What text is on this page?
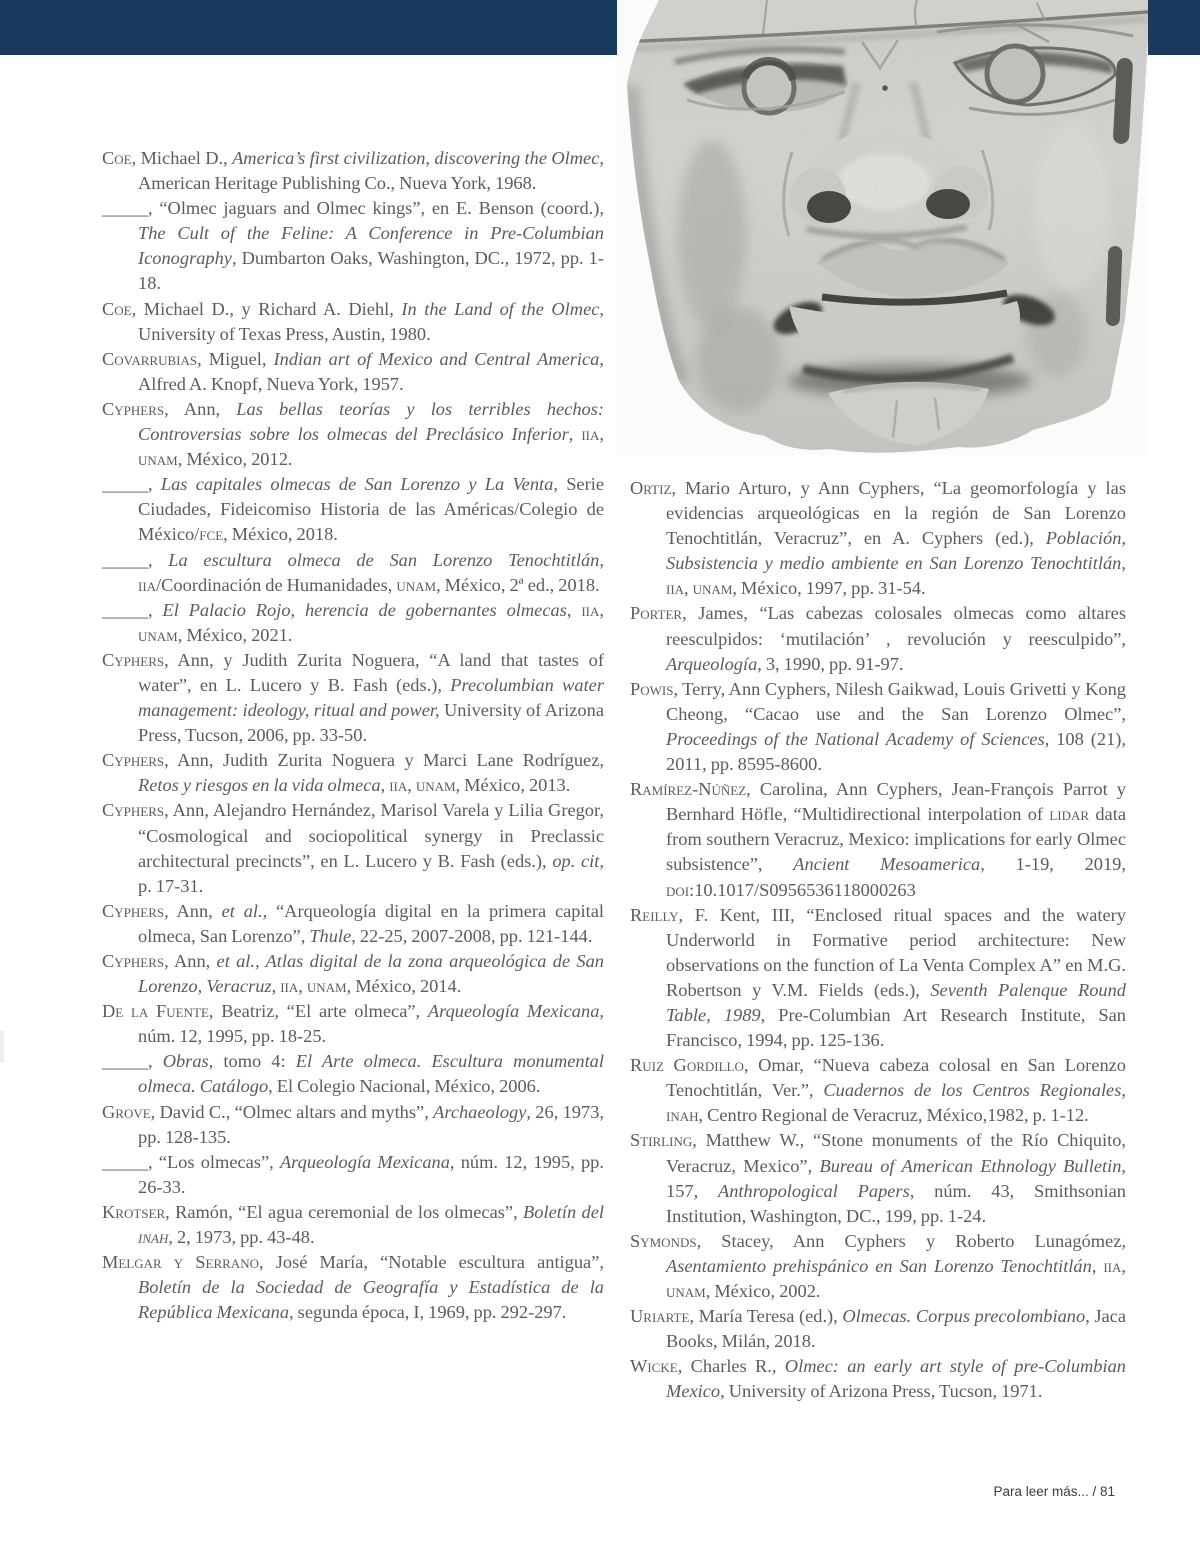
Coe, Michael D., America’s first civilization, discovering the Olmec, American Heritage Publishing Co., Nueva York, 1968.

_____, “Olmec jaguars and Olmec kings”, en E. Benson (coord.), The Cult of the Feline: A Conference in Pre-Columbian Iconography, Dumbarton Oaks, Washington, DC., 1972, pp. 1-18.

Coe, Michael D., y Richard A. Diehl, In the Land of the Olmec, University of Texas Press, Austin, 1980.

Covarrubias, Miguel, Indian art of Mexico and Central America, Alfred A. Knopf, Nueva York, 1957.

Cyphers, Ann, Las bellas teorías y los terribles hechos: Controversias sobre los olmecas del Preclásico Inferior, iia, unam, México, 2012.

_____, Las capitales olmecas de San Lorenzo y La Venta, Serie Ciudades, Fideicomiso Historia de las Américas/Colegio de México/fce, México, 2018.

_____, La escultura olmeca de San Lorenzo Tenochtitlán, iia/Coordinación de Humanidades, unam, México, 2ª ed., 2018.

_____, El Palacio Rojo, herencia de gobernantes olmecas, iia, unam, México, 2021.

Cyphers, Ann, y Judith Zurita Noguera, “A land that tastes of water”, en L. Lucero y B. Fash (eds.), Precolumbian water management: ideology, ritual and power, University of Arizona Press, Tucson, 2006, pp. 33-50.

Cyphers, Ann, Judith Zurita Noguera y Marci Lane Rodríguez, Retos y riesgos en la vida olmeca, iia, unam, México, 2013.

Cyphers, Ann, Alejandro Hernández, Marisol Varela y Lilia Gregor, “Cosmological and sociopolitical synergy in Preclassic architectural precincts”, en L. Lucero y B. Fash (eds.), op. cit, p. 17-31.

Cyphers, Ann, et al., “Arqueología digital en la primera capital olmeca, San Lorenzo”, Thule, 22-25, 2007-2008, pp. 121-144.

Cyphers, Ann, et al., Atlas digital de la zona arqueológica de San Lorenzo, Veracruz, iia, unam, México, 2014.

De la Fuente, Beatriz, “El arte olmeca”, Arqueología Mexicana, núm. 12, 1995, pp. 18-25.

_____, Obras, tomo 4: El Arte olmeca. Escultura monumental olmeca. Catálogo, El Colegio Nacional, México, 2006.

Grove, David C., “Olmec altars and myths”, Archaeology, 26, 1973, pp. 128-135.

_____, “Los olmecas”, Arqueología Mexicana, núm. 12, 1995, pp. 26-33.

Krotser, Ramón, “El agua ceremonial de los olmecas”, Boletín del inah, 2, 1973, pp. 43-48.

Melgar y Serrano, José María, “Notable escultura antigua”, Boletín de la Sociedad de Geografía y Estadística de la República Mexicana, segunda época, I, 1969, pp. 292-297.

Ortiz, Mario Arturo, y Ann Cyphers, “La geomorfología y las evidencias arqueológicas en la región de San Lorenzo Tenochtitlán, Veracruz”, en A. Cyphers (ed.), Población, Subsistencia y medio ambiente en San Lorenzo Tenochtitlán, iia, unam, México, 1997, pp. 31-54.

Porter, James, “Las cabezas colosales olmecas como altares reesculpidos: ‘mutilación’ , revolución y reesculpido”, Arqueología, 3, 1990, pp. 91-97.

Powis, Terry, Ann Cyphers, Nilesh Gaikwad, Louis Grivetti y Kong Cheong, “Cacao use and the San Lorenzo Olmec”, Proceedings of the National Academy of Sciences, 108 (21), 2011, pp. 8595-8600.

Ramírez-Núñez, Carolina, Ann Cyphers, Jean-François Parrot y Bernhard Höfle, “Multidirectional interpolation of lidar data from southern Veracruz, Mexico: implications for early Olmec subsistence”, Ancient Mesoamerica, 1-19, 2019, doi:10.1017/S0956536118000263

Reilly, F. Kent, III, “Enclosed ritual spaces and the watery Underworld in Formative period architecture: New observations on the function of La Venta Complex A” en M.G. Robertson y V.M. Fields (eds.), Seventh Palenque Round Table, 1989, Pre-Columbian Art Research Institute, San Francisco, 1994, pp. 125-136.

Ruiz Gordillo, Omar, “Nueva cabeza colosal en San Lorenzo Tenochtitlán, Ver.”, Cuadernos de los Centros Regionales, inah, Centro Regional de Veracruz, México,1982, p. 1-12.

Stirling, Matthew W., “Stone monuments of the Río Chiquito, Veracruz, Mexico”, Bureau of American Ethnology Bulletin, 157, Anthropological Papers, núm. 43, Smithsonian Institution, Washington, DC., 199, pp. 1-24.

Symonds, Stacey, Ann Cyphers y Roberto Lunagómez, Asentamiento prehispánico en San Lorenzo Tenochtitlán, iia, unam, México, 2002.

Uriarte, María Teresa (ed.), Olmecas. Corpus precolombiano, Jaca Books, Milán, 2018.

Wicke, Charles R., Olmec: an early art style of pre-Columbian Mexico, University of Arizona Press, Tucson, 1971.

Para leer más... / 81
